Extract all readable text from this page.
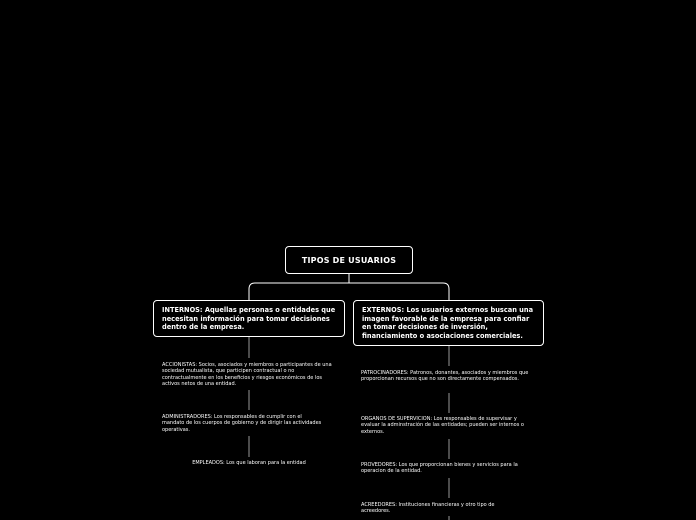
TIPOS DE USUARIOS
INTERNOS: Aquellas personas o entidades que necesitan información para tomar decisiones dentro de la empresa.
EXTERNOS: Los usuarios externos buscan una imagen favorable de la empresa para confiar en tomar decisiones de inversión, financiamiento o asociaciones comerciales.
ACCIONISTAS: Socios, asociados y miembros o participantes de una sociedad mutualista, que participen contractual o no contractualmente en los beneficios y riesgos económicos de los activos netos de una entidad.
ADMINISTRADORES: Los responsables de cumplir con el mandato de los cuerpos de gobierno y de dirigir las actividades operativas.
EMPLEADOS: Los que laboran para la entidad
PATROCINADORES: Patronos, donantes, asociados y miembros que proporcionan recursos que no son directamente compensados.
ORGANOS DE SUPERVICION: Los responsables de supervisar y evaluar la adminstración de las entidades; pueden ser internos o externos.
PROVEDORES: Los que proporcionan bienes y servicios para la operacion de la entidad.
ACREEDORES: Instituciones financieras y otro tipo de acreedores.
